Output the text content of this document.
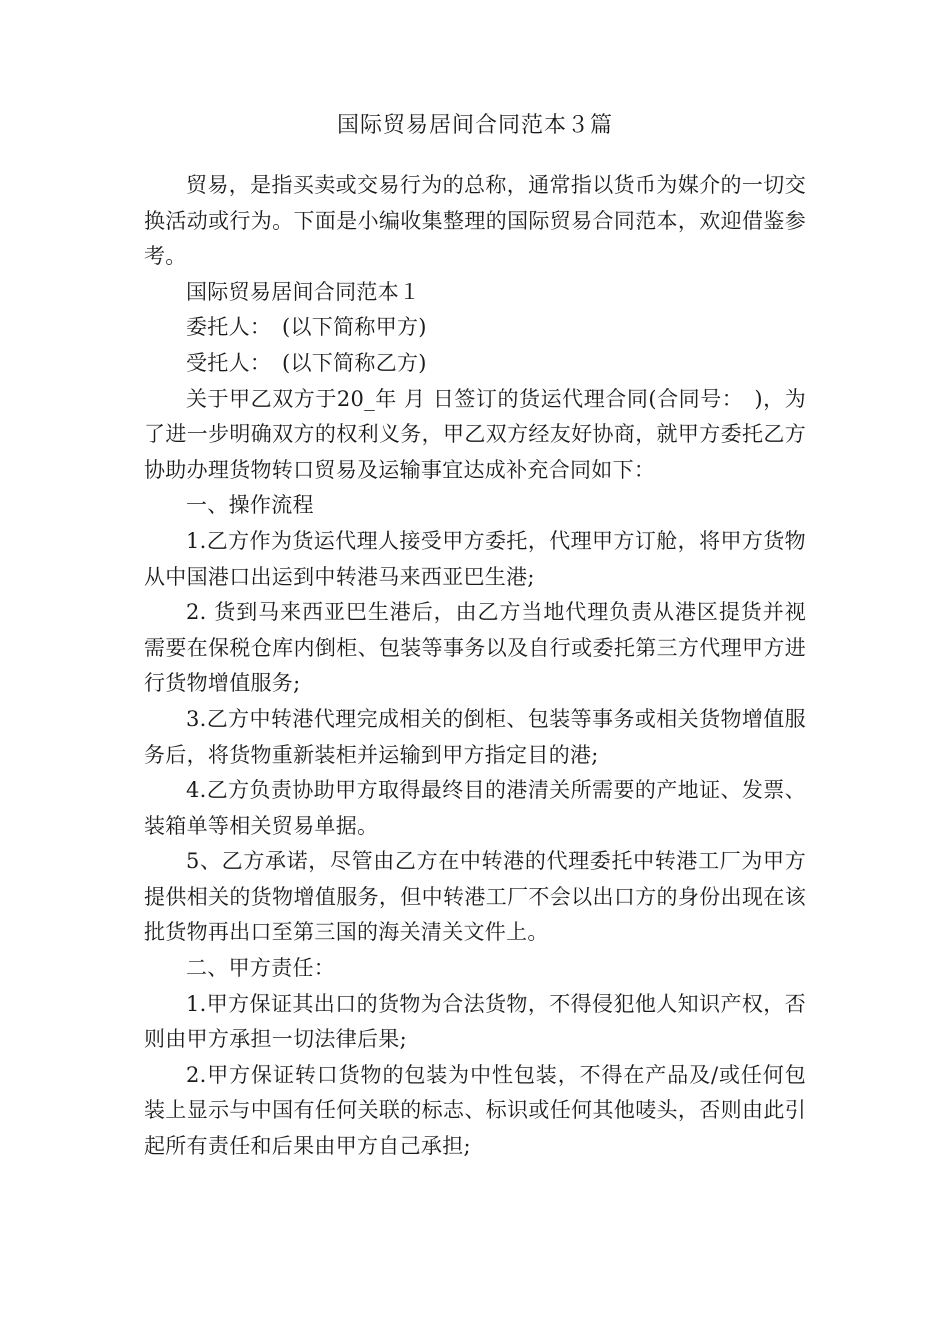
国际贸易居间合同范本３篇

贸易，是指买卖或交易行为的总称，通常指以货币为媒介的一切交换活动或行为。下面是小编收集整理的国际贸易合同范本，欢迎借鉴参考。

国际贸易居间合同范本１

委托人：　(以下简称甲方)

受托人：　(以下简称乙方)

关于甲乙双方于20_年 月 日签订的货运代理合同(合同号：　)，为了进一步明确双方的权利义务，甲乙双方经友好协商，就甲方委托乙方协助办理货物转口贸易及运输事宜达成补充合同如下：

一、操作流程

1.乙方作为货运代理人接受甲方委托，代理甲方订舱，将甲方货物从中国港口出运到中转港马来西亚巴生港;

2. 货到马来西亚巴生港后，由乙方当地代理负责从港区提货并视需要在保税仓库内倒柜、包装等事务以及自行或委托第三方代理甲方进行货物增值服务;

3.乙方中转港代理完成相关的倒柜、包装等事务或相关货物增值服务后，将货物重新装柜并运输到甲方指定目的港;

4.乙方负责协助甲方取得最终目的港清关所需要的产地证、发票、装箱单等相关贸易单据。

5、乙方承诺，尽管由乙方在中转港的代理委托中转港工厂为甲方提供相关的货物增值服务，但中转港工厂不会以出口方的身份出现在该批货物再出口至第三国的海关清关文件上。

二、甲方责任：

1.甲方保证其出口的货物为合法货物，不得侵犯他人知识产权，否则由甲方承担一切法律后果;

2.甲方保证转口货物的包装为中性包装，不得在产品及/或任何包装上显示与中国有任何关联的标志、标识或任何其他唛头，否则由此引起所有责任和后果由甲方自己承担;
